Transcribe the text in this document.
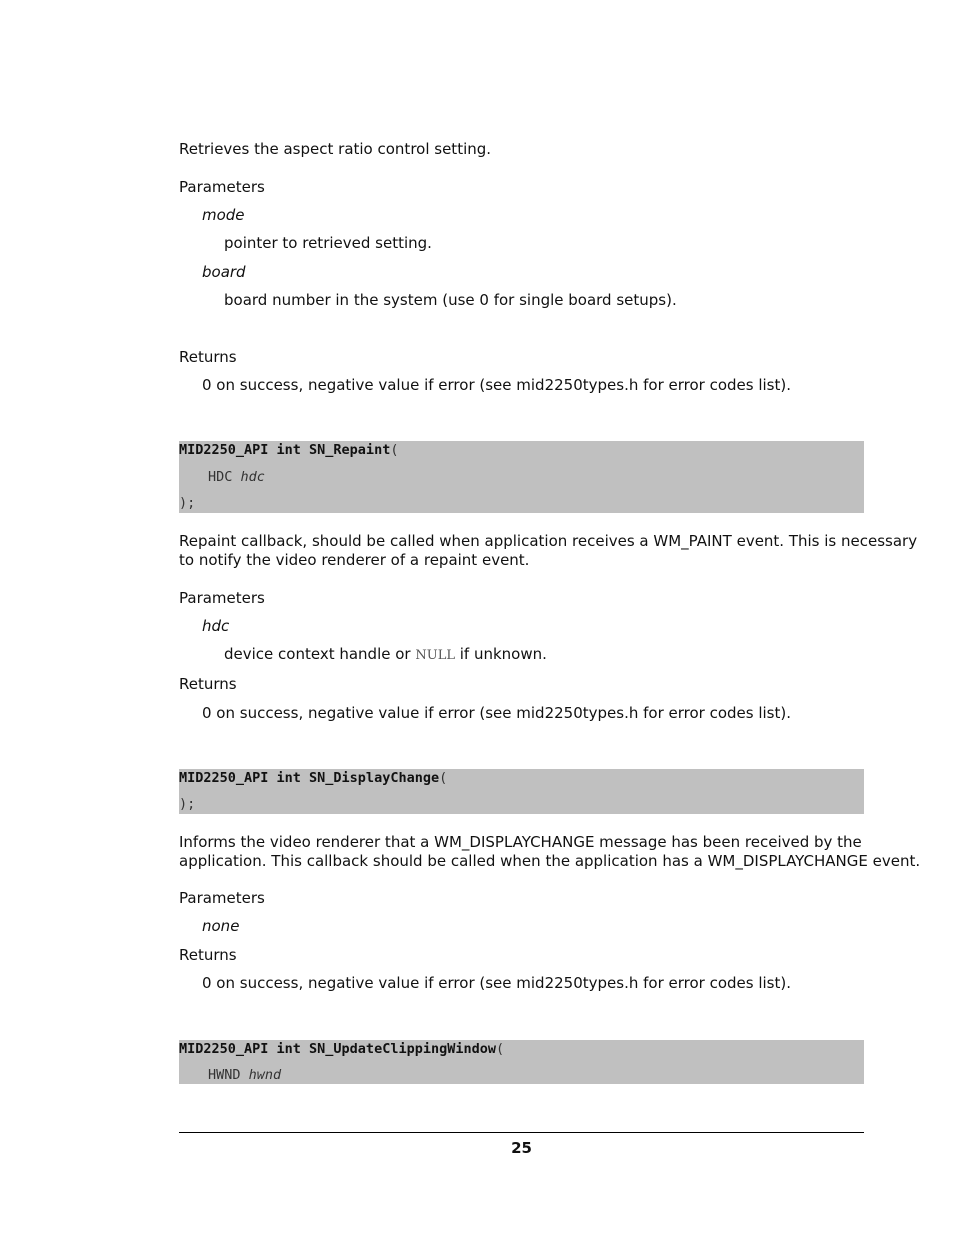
Retrieves the aspect ratio control setting.
Parameters
mode
pointer to retrieved setting.
board
board number in the system (use 0 for single board setups).
Returns
0 on success, negative value if error (see mid2250types.h for error codes list).
MID2250_API int SN_Repaint(
HDC hdc
);
Repaint callback, should be called when application receives a WM_PAINT event. This is necessary
to notify the video renderer of a repaint event.
Parameters
hdc
device context handle or NULL if unknown.
Returns
0 on success, negative value if error (see mid2250types.h for error codes list).
MID2250_API int SN_DisplayChange(
);
Informs the video renderer that a WM_DISPLAYCHANGE message has been received by the
application. This callback should be called when the application has a WM_DISPLAYCHANGE event.
Parameters
none
Returns
0 on success, negative value if error (see mid2250types.h for error codes list).
MID2250_API int SN_UpdateClippingWindow(
HWND hwnd
25
